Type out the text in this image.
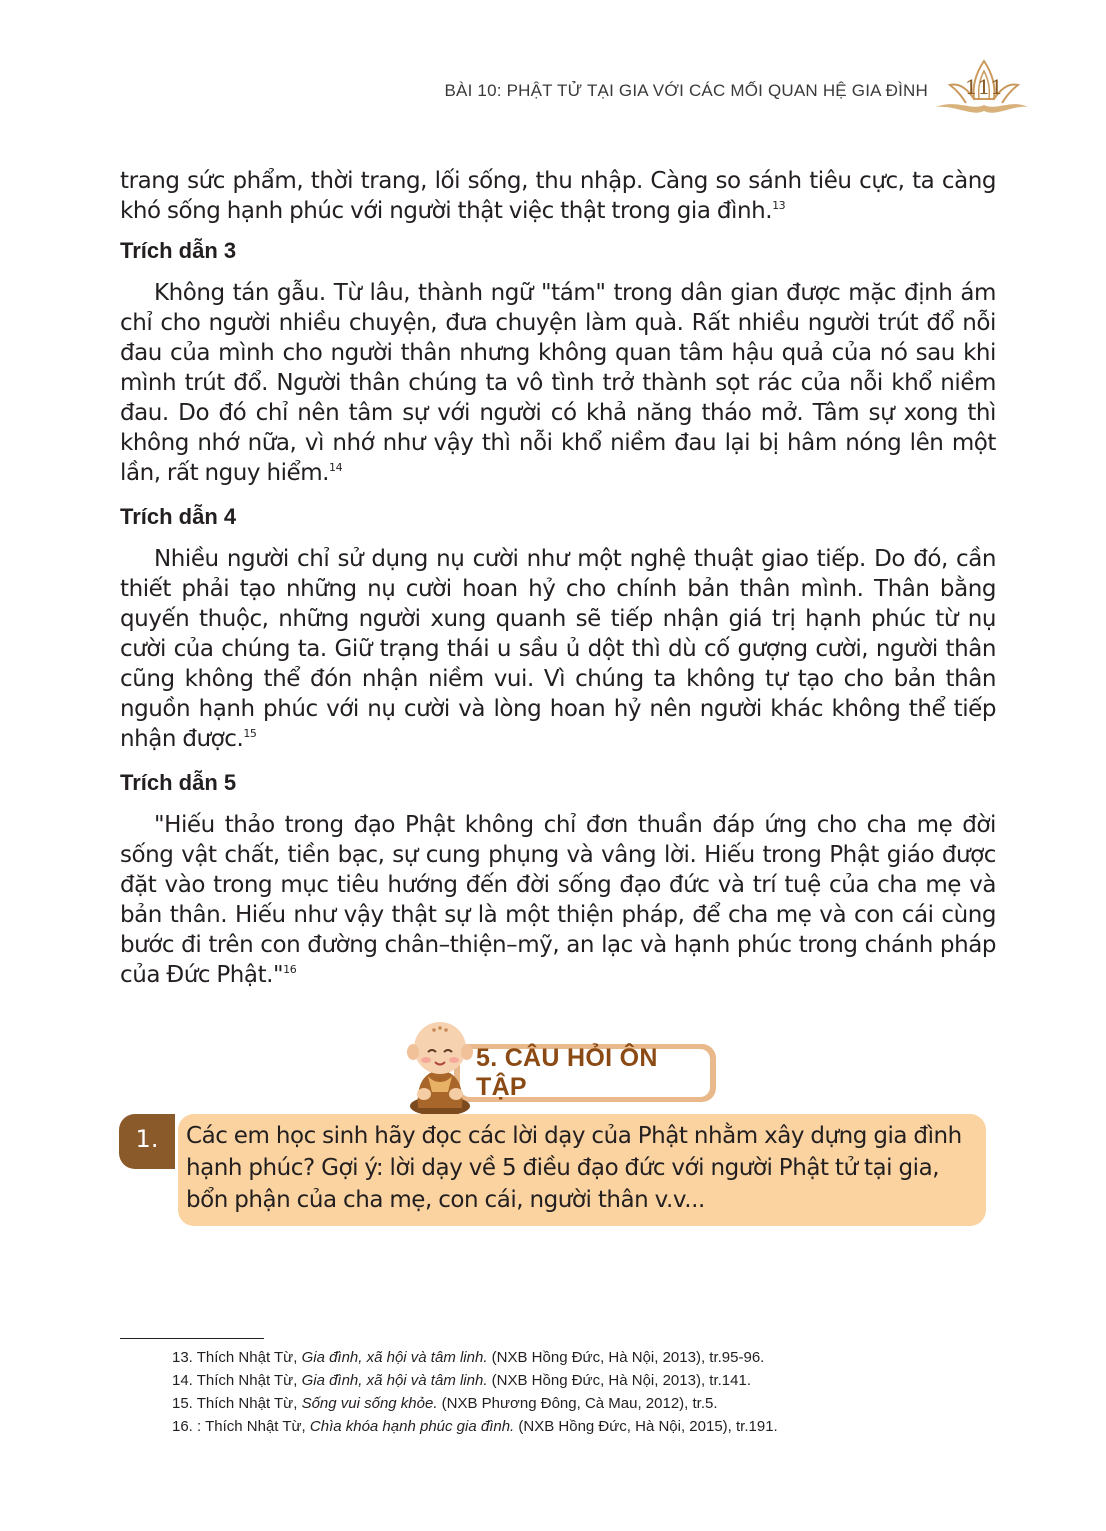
BÀI 10: PHẬT TỬ TẠI GIA VỚI CÁC MỐI QUAN HỆ GIA ĐÌNH 111

trang sức phẩm, thời trang, lối sống, thu nhập. Càng so sánh tiêu cực, ta càng khó sống hạnh phúc với người thật việc thật trong gia đình.$^{13}$

Trích dẫn 3

Không tán gẫu. Từ lâu, thành ngữ "tám" trong dân gian được mặc định ám chỉ cho người nhiều chuyện, đưa chuyện làm quà. Rất nhiều người trút đổ nỗi đau của mình cho người thân nhưng không quan tâm hậu quả của nó sau khi mình trút đổ. Người thân chúng ta vô tình trở thành sọt rác của nỗi khổ niềm đau. Do đó chỉ nên tâm sự với người có khả năng tháo mở. Tâm sự xong thì không nhớ nữa, vì nhớ như vậy thì nỗi khổ niềm đau lại bị hâm nóng lên một lần, rất nguy hiểm.$^{14}$

Trích dẫn 4

Nhiều người chỉ sử dụng nụ cười như một nghệ thuật giao tiếp. Do đó, cần thiết phải tạo những nụ cười hoan hỷ cho chính bản thân mình. Thân bằng quyến thuộc, những người xung quanh sẽ tiếp nhận giá trị hạnh phúc từ nụ cười của chúng ta. Giữ trạng thái u sầu ủ dột thì dù cố gượng cười, người thân cũng không thể đón nhận niềm vui. Vì chúng ta không tự tạo cho bản thân nguồn hạnh phúc với nụ cười và lòng hoan hỷ nên người khác không thể tiếp nhận được.$^{15}$

Trích dẫn 5

"Hiếu thảo trong đạo Phật không chỉ đơn thuần đáp ứng cho cha mẹ đời sống vật chất, tiền bạc, sự cung phụng và vâng lời. Hiếu trong Phật giáo được đặt vào trong mục tiêu hướng đến đời sống đạo đức và trí tuệ của cha mẹ và bản thân. Hiếu như vậy thật sự là một thiện pháp, để cha mẹ và con cái cùng bước đi trên con đường chân–thiện–mỹ, an lạc và hạnh phúc trong chánh pháp của Đức Phật."$^{16}$

5. CÂU HỎI ÔN TẬP
1.	Các em học sinh hãy đọc các lời dạy của Phật nhằm xây dựng gia đình hạnh phúc? Gợi ý: lời dạy về 5 điều đạo đức với người Phật tử tại gia, bổn phận của cha mẹ, con cái, người thân v.v...

13. Thích Nhật Từ, Gia đình, xã hội và tâm linh. (NXB Hồng Đức, Hà Nội, 2013), tr.95-96.
14. Thích Nhật Từ, Gia đình, xã hội và tâm linh. (NXB Hồng Đức, Hà Nội, 2013), tr.141.
15. Thích Nhật Từ, Sống vui sống khỏe. (NXB Phương Đông, Cà Mau, 2012), tr.5.
16. : Thích Nhật Từ, Chìa khóa hạnh phúc gia đình. (NXB Hồng Đức, Hà Nội, 2015), tr.191.
